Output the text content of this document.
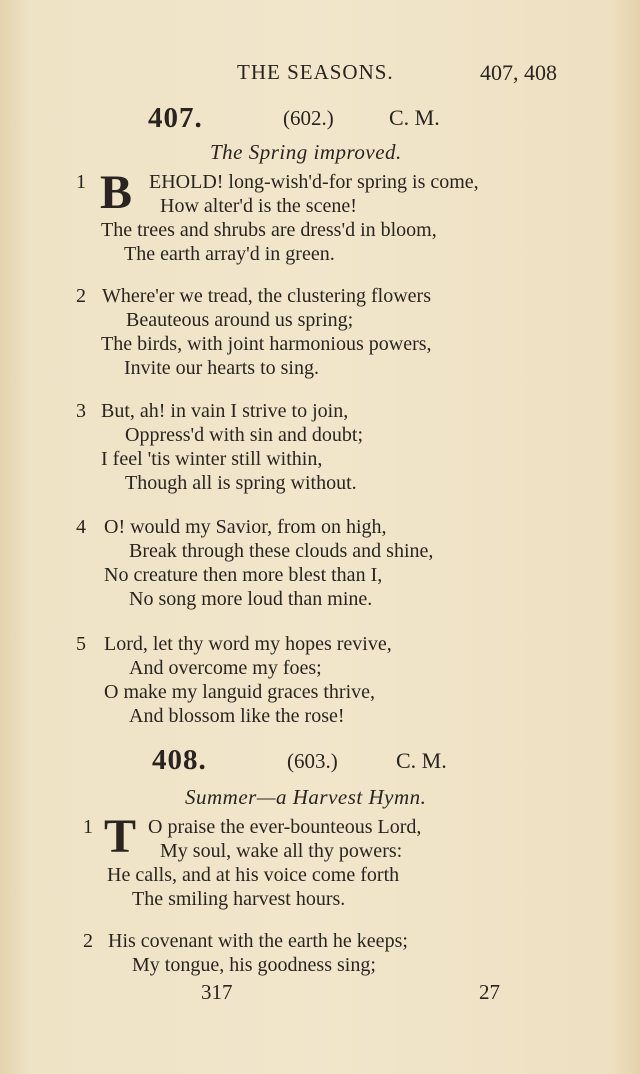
THE SEASONS.	407, 408
407.	(602.)	C. M.
The Spring improved.
1 B EHOLD! long-wish'd-for spring is come,
How alter'd is the scene!
The trees and shrubs are dress'd in bloom,
The earth array'd in green.
2 Where'er we tread, the clustering flowers
Beauteous around us spring;
The birds, with joint harmonious powers,
Invite our hearts to sing.
3 But, ah! in vain I strive to join,
Oppress'd with sin and doubt;
I feel 'tis winter still within,
Though all is spring without.
4 O! would my Savior, from on high,
Break through these clouds and shine,
No creature then more blest than I,
No song more loud than mine.
5 Lord, let thy word my hopes revive,
And overcome my foes;
O make my languid graces thrive,
And blossom like the rose!
408.	(603.)	C. M.
Summer—a Harvest Hymn.
1 T O praise the ever-bounteous Lord,
My soul, wake all thy powers:
He calls, and at his voice come forth
The smiling harvest hours.
2 His covenant with the earth he keeps;
My tongue, his goodness sing;
317	27
